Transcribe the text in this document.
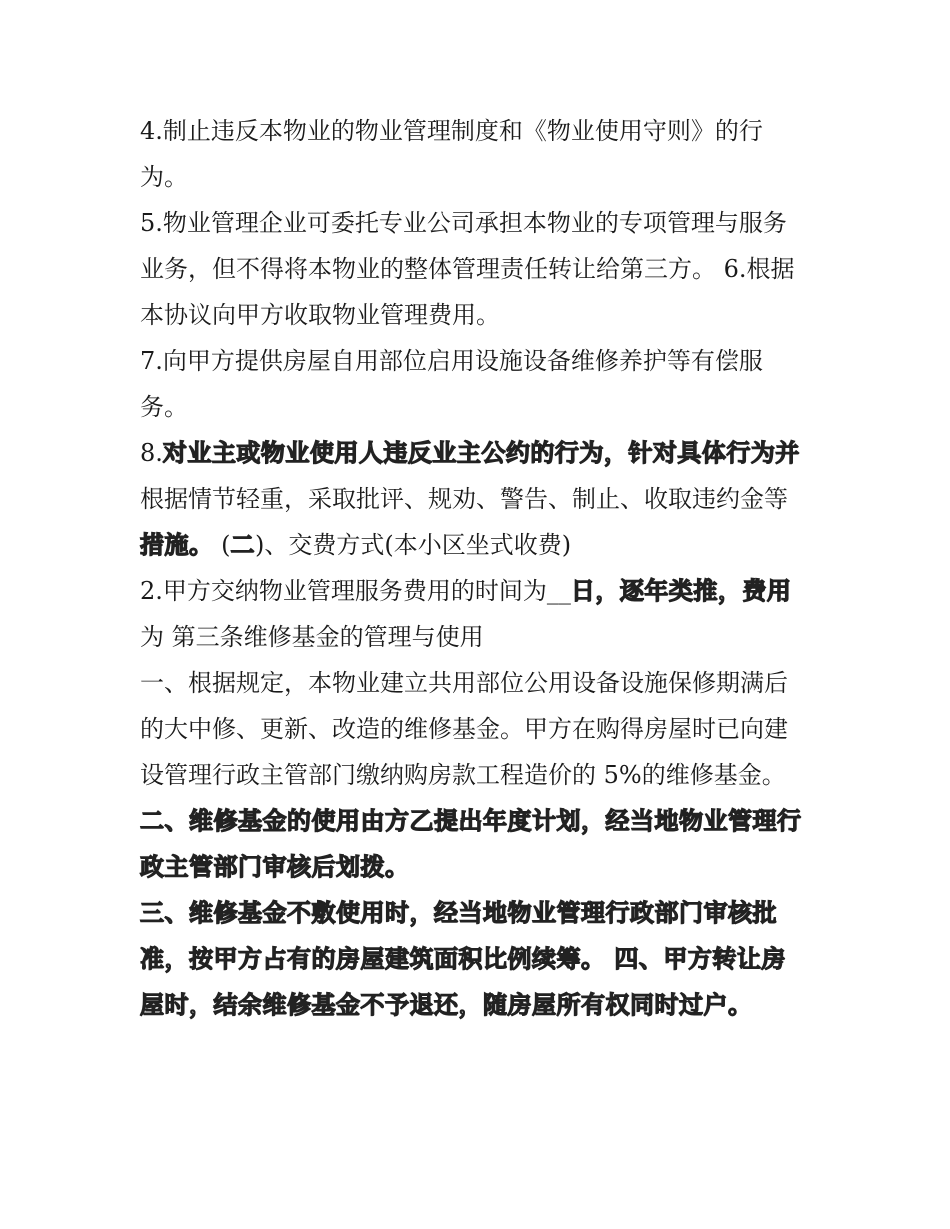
4.制止违反本物业的物业管理制度和《物业使用守则》的行
为。
5.物业管理企业可委托专业公司承担本物业的专项管理与服务
业务，但不得将本物业的整体管理责任转让给第三方。 6.根据
本协议向甲方收取物业管理费用。
7.向甲方提供房屋自用部位启用设施设备维修养护等有偿服
务。
8.对业主或物业使用人违反业主公约的行为，针对具体行为并
根据情节轻重，采取批评、规劝、警告、制止、收取违约金等
措施。 (二)、交费方式(本小区坐式收费)
2.甲方交纳物业管理服务费用的时间为__日，逐年类推，费用
为 第三条维修基金的管理与使用
一、根据规定，本物业建立共用部位公用设备设施保修期满后
的大中修、更新、改造的维修基金。甲方在购得房屋时已向建
设管理行政主管部门缴纳购房款工程造价的 5%的维修基金。
二、维修基金的使用由方乙提出年度计划，经当地物业管理行
政主管部门审核后划拨。
三、维修基金不敷使用时，经当地物业管理行政部门审核批
准，按甲方占有的房屋建筑面积比例续筹。 四、甲方转让房
屋时，结余维修基金不予退还，随房屋所有权同时过户。
